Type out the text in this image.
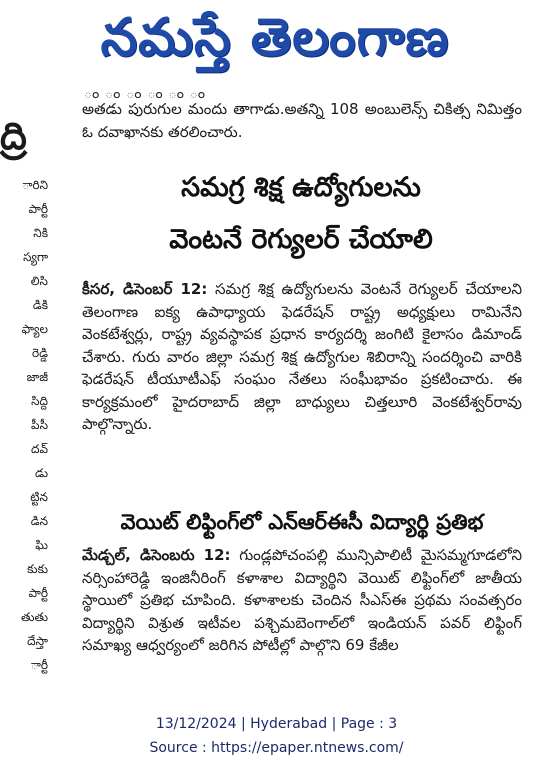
నమస్తే తెలంగాణ
ద్రి
ారిని
పార్టీ
నికి
స్యగా
లిసి
డికి
ఫ్యాల
రెడ్డి
జాజీ
సిద్ది
పీసీ
దవ్
డు
ట్టిన
డిన
ఘి
కుకు
పార్టీ
తుతు
దేస్తా
ార్టీ
ం ం ం ం ం ం
అతడు పురుగుల మందు తాగాడు.అతన్ని 108 అంబులెన్స్ చికిత్స నిమిత్తం ఓ దవాఖానకు తరలించారు.
సమగ్ర శిక్ష ఉద్యోగులను
వెంటనే రెగ్యులర్ చేయాలి
కీసర, డిసెంబర్ 12: సమగ్ర శిక్ష ఉద్యోగులను వెంటనే రెగ్యులర్ చేయాలని తెలంగాణ ఐక్య ఉపాధ్యాయ ఫెడరేషన్ రాష్ట్ర అధ్యక్షులు రామినేని వెంకటేశ్వర్లు, రాష్ట్ర వ్యవస్థాపక ప్రధాన కార్యదర్శి జంగిటి కైలాసం డిమాండ్ చేశారు. గురు వారం జిల్లా సమగ్ర శిక్ష ఉద్యోగుల శిబిరాన్ని సందర్శించి వారికి ఫెడరేషన్ టీయూటీఎఫ్ సంఘం నేతలు సంఘీభావం ప్రకటించారు. ఈ కార్యక్రమంలో హైదరాబాద్ జిల్లా బాధ్యులు చిత్తలూరి వెంకటేశ్వర్‌రావు పాల్గొన్నారు.
వెయిట్ లిఫ్టింగ్‌లో ఎన్ఆర్ఈసీ విద్యార్థి ప్రతిభ
మేడ్చల్, డిసెంబరు 12: గుండ్లపోచంపల్లి మున్సిపాలిటీ మైసమ్మగూడలోని నర్సింహారెడ్డి ఇంజినీరింగ్ కళాశాల విద్యార్థిని వెయిట్ లిఫ్టింగ్‌లో జాతీయ స్థాయిలో ప్రతిభ చూపింది. కళాశాలకు చెందిన సీఎస్ఈ ప్రథమ సంవత్సరం విద్యార్థిని విశ్రుత ఇటీవల పశ్చిమబెంగాల్‌లో ఇండియన్ పవర్ లిఫ్టింగ్ సమాఖ్య ఆధ్వర్యంలో జరిగిన పోటీల్లో పాల్గొని 69 కేజీల
13/12/2024 | Hyderabad | Page : 3
Source : https://epaper.ntnews.com/
